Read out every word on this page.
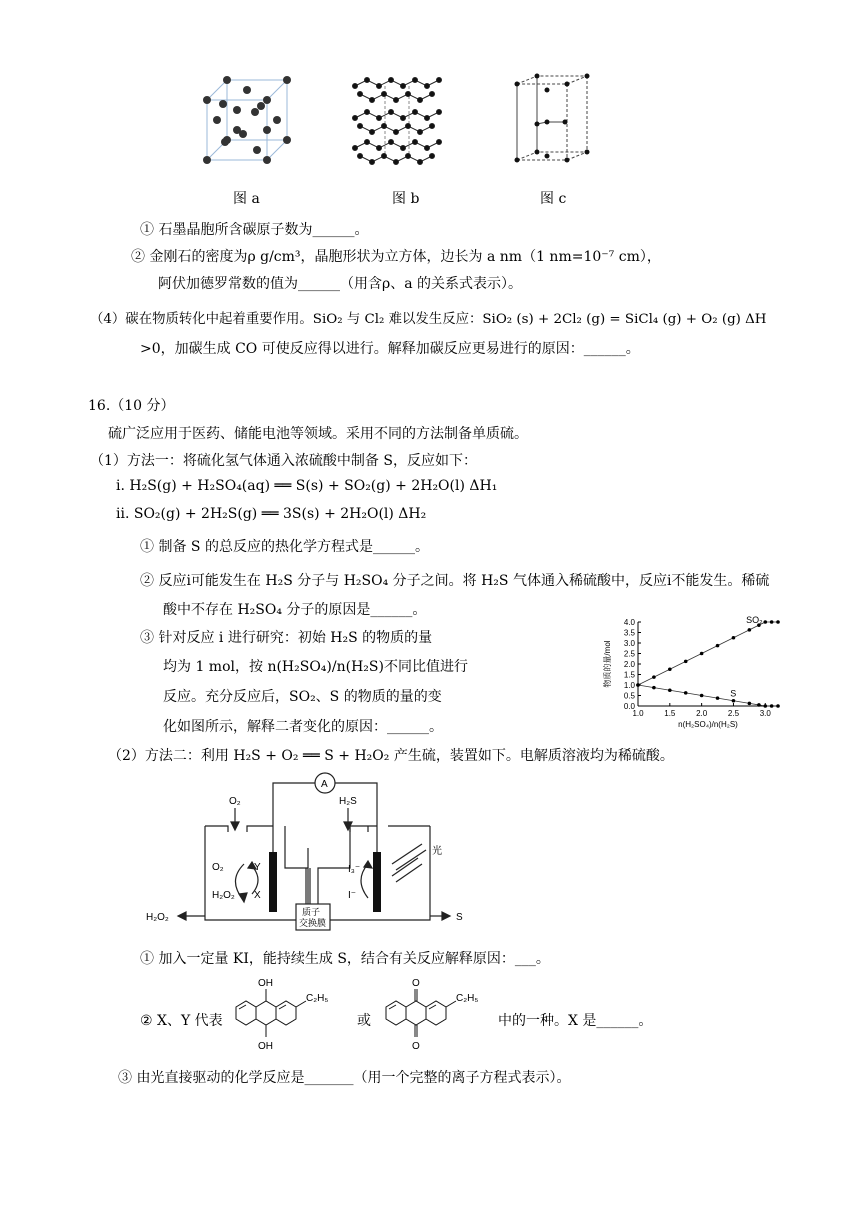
图 a	图 b	图 c
① 石墨晶胞所含碳原子数为______。
② 金刚石的密度为ρ g/cm³，晶胞形状为立方体，边长为 a nm（1 nm=10⁻⁷ cm），
阿伏加德罗常数的值为______（用含ρ、a 的关系式表示）。
（4）碳在物质转化中起着重要作用。SiO₂ 与 Cl₂ 难以发生反应：SiO₂ (s) + 2Cl₂ (g) = SiCl₄ (g) + O₂ (g) ΔH
>0，加碳生成 CO 可使反应得以进行。解释加碳反应更易进行的原因：______。
16.（10 分）
硫广泛应用于医药、储能电池等领域。采用不同的方法制备单质硫。
（1）方法一：将硫化氢气体通入浓硫酸中制备 S，反应如下：
ⅰ. H₂S(g) + H₂SO₄(aq) ══ S(s) + SO₂(g) + 2H₂O(l) ΔH₁
ⅱ. SO₂(g) + 2H₂S(g) ══ 3S(s) + 2H₂O(l) ΔH₂
① 制备 S 的总反应的热化学方程式是______。
② 反应ⅰ可能发生在 H₂S 分子与 H₂SO₄ 分子之间。将 H₂S 气体通入稀硫酸中，反应ⅰ不能发生。稀硫
酸中不存在 H₂SO₄ 分子的原因是______。
③ 针对反应 ⅰ 进行研究：初始 H₂S 的物质的量
均为 1 mol，按 n(H₂SO₄)/n(H₂S)不同比值进行
反应。充分反应后，SO₂、S 的物质的量的变
化如图所示，解释二者变化的原因：______。
0.0
0.5
1.0
1.5
2.0
2.5
3.0
3.5
4.0
1.0	1.5	2.0	2.5	3.0
n(H₂SO₄)/n(H₂S)
物质的量/mol
SO₂
S
（2）方法二：利用 H₂S + O₂ ══ S + H₂O₂ 产生硫，装置如下。电解质溶液均为稀硫酸。
A
O₂	H₂S
光
Y
X
O₂
H₂O₂
I₃⁻
I⁻
质子
交换膜
H₂O₂	S
① 加入一定量 KI，能持续生成 S，结合有关反应解释原因：___。
② X、Y 代表
OH
OH
C₂H₅
或
O
O
C₂H₅
中的一种。X 是______。
③ 由光直接驱动的化学反应是_______（用一个完整的离子方程式表示）。
